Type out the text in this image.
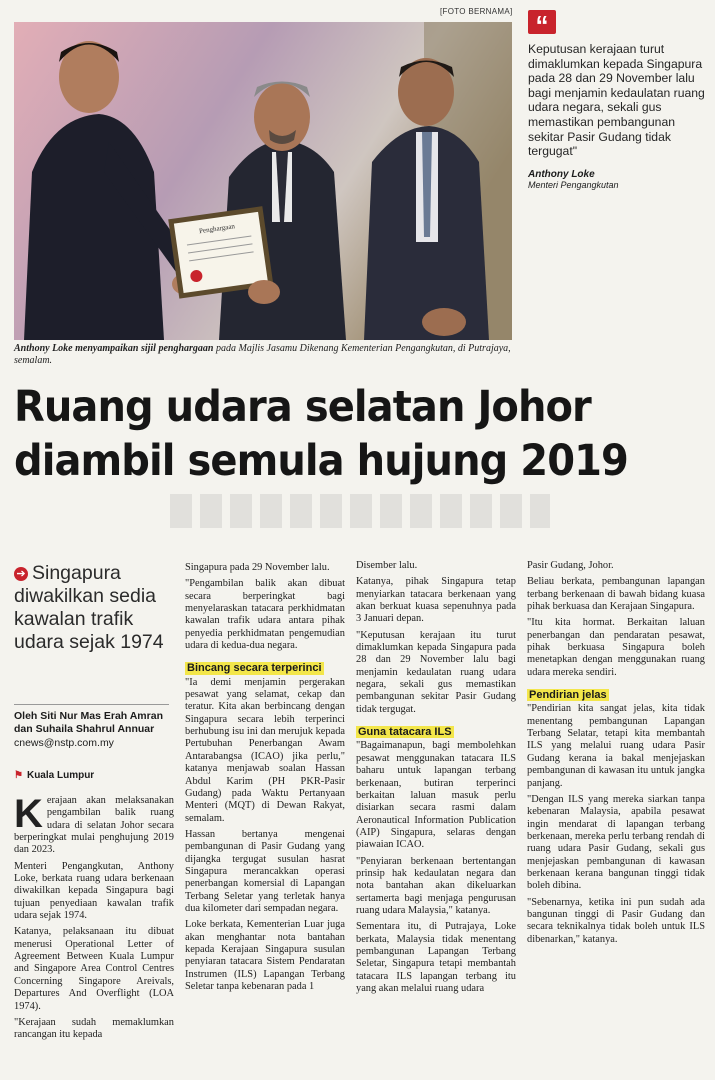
[FOTO BERNAMA]
Penghargaan
Anthony Loke menyampaikan sijil penghargaan pada Majlis Jasamu Dikenang Kementerian Pengangkutan, di Putrajaya, semalam.
“
Keputusan kerajaan turut dimaklumkan kepada Singapura pada 28 dan 29 November lalu bagi menjamin kedaulatan ruang udara negara, sekali gus memastikan pembangunan sekitar Pasir Gudang tidak tergugat"
Anthony Loke
Menteri Pengangkutan
Ruang udara selatan Johor
diambil semula hujung 2019
➔ Singapura diwakilkan sedia kawalan trafik udara sejak 1974
Oleh Siti Nur Mas Erah Amran dan Suhaila Shahrul Annuar
cnews@nstp.com.my
⚑ Kuala Lumpur

Kerajaan akan melaksanakan pengambilan balik ruang udara di selatan Johor secara berperingkat mulai penghujung 2019 dan 2023.

Menteri Pengangkutan, Anthony Loke, berkata ruang udara berkenaan diwakilkan kepada Singapura bagi tujuan penyediaan kawalan trafik udara sejak 1974.

Katanya, pelaksanaan itu dibuat menerusi Operational Letter of Agreement Between Kuala Lumpur and Singapore Area Control Centres Concerning Singapore Areivals, Departures And Overflight (LOA 1974).

"Kerajaan sudah memaklumkan rancangan itu kepada

Singapura pada 29 November lalu.

"Pengambilan balik akan dibuat secara berperingkat bagi menyelaraskan tatacara perkhidmatan kawalan trafik udara antara pihak penyedia perkhidmatan pengemudian udara di kedua-dua negara.

Bincang secara terperinci

"Ia demi menjamin pergerakan pesawat yang selamat, cekap dan teratur. Kita akan berbincang dengan Singapura secara lebih terperinci berhubung isu ini dan merujuk kepada Pertubuhan Penerbangan Awam Antarabangsa (ICAO) jika perlu," katanya menjawab soalan Hassan Abdul Karim (PH PKR-Pasir Gudang) pada Waktu Pertanyaan Menteri (MQT) di Dewan Rakyat, semalam.

Hassan bertanya mengenai pembangunan di Pasir Gudang yang dijangka tergugat susulan hasrat Singapura merancakkan operasi penerbangan komersial di Lapangan Terbang Seletar yang terletak hanya dua kilometer dari sempadan negara.

Loke berkata, Kementerian Luar juga akan menghantar nota bantahan kepada Kerajaan Singapura susulan penyiaran tatacara Sistem Pendaratan Instrumen (ILS) Lapangan Terbang Seletar tanpa kebenaran pada 1

Disember lalu.

Katanya, pihak Singapura tetap menyiarkan tatacara berkenaan yang akan berkuat kuasa sepenuhnya pada 3 Januari depan.

"Keputusan kerajaan itu turut dimaklumkan kepada Singapura pada 28 dan 29 November lalu bagi menjamin kedaulatan ruang udara negara, sekali gus memastikan pembangunan sekitar Pasir Gudang tidak tergugat.

Guna tatacara ILS

"Bagaimanapun, bagi membolehkan pesawat menggunakan tatacara ILS baharu untuk lapangan terbang berkenaan, butiran terperinci berkaitan laluan masuk perlu disiarkan secara rasmi dalam Aeronautical Information Publication (AIP) Singapura, selaras dengan piawaian ICAO.

"Penyiaran berkenaan bertentangan prinsip hak kedaulatan negara dan nota bantahan akan dikeluarkan sertamerta bagi menjaga pengurusan ruang udara Malaysia," katanya.

Sementara itu, di Putrajaya, Loke berkata, Malaysia tidak menentang pembangunan Lapangan Terbang Seletar, Singapura tetapi membantah tatacara ILS lapangan terbang itu yang akan melalui ruang udara

Pasir Gudang, Johor.

Beliau berkata, pembangunan lapangan terbang berkenaan di bawah bidang kuasa pihak berkuasa dan Kerajaan Singapura.

"Itu kita hormat. Berkaitan laluan penerbangan dan pendaratan pesawat, pihak berkuasa Singapura boleh menetapkan dengan menggunakan ruang udara mereka sendiri.

Pendirian jelas

"Pendirian kita sangat jelas, kita tidak menentang pembangunan Lapangan Terbang Selatar, tetapi kita membantah ILS yang melalui ruang udara Pasir Gudang kerana ia bakal menjejaskan pembangunan di kawasan itu untuk jangka panjang.

"Dengan ILS yang mereka siarkan tanpa kebenaran Malaysia, apabila pesawat ingin mendarat di lapangan terbang berkenaan, mereka perlu terbang rendah di ruang udara Pasir Gudang, sekali gus menjejaskan pembangunan di kawasan berkenaan kerana bangunan tinggi tidak boleh dibina.

"Sebenarnya, ketika ini pun sudah ada bangunan tinggi di Pasir Gudang dan secara teknikalnya tidak boleh untuk ILS dibenarkan," katanya.
